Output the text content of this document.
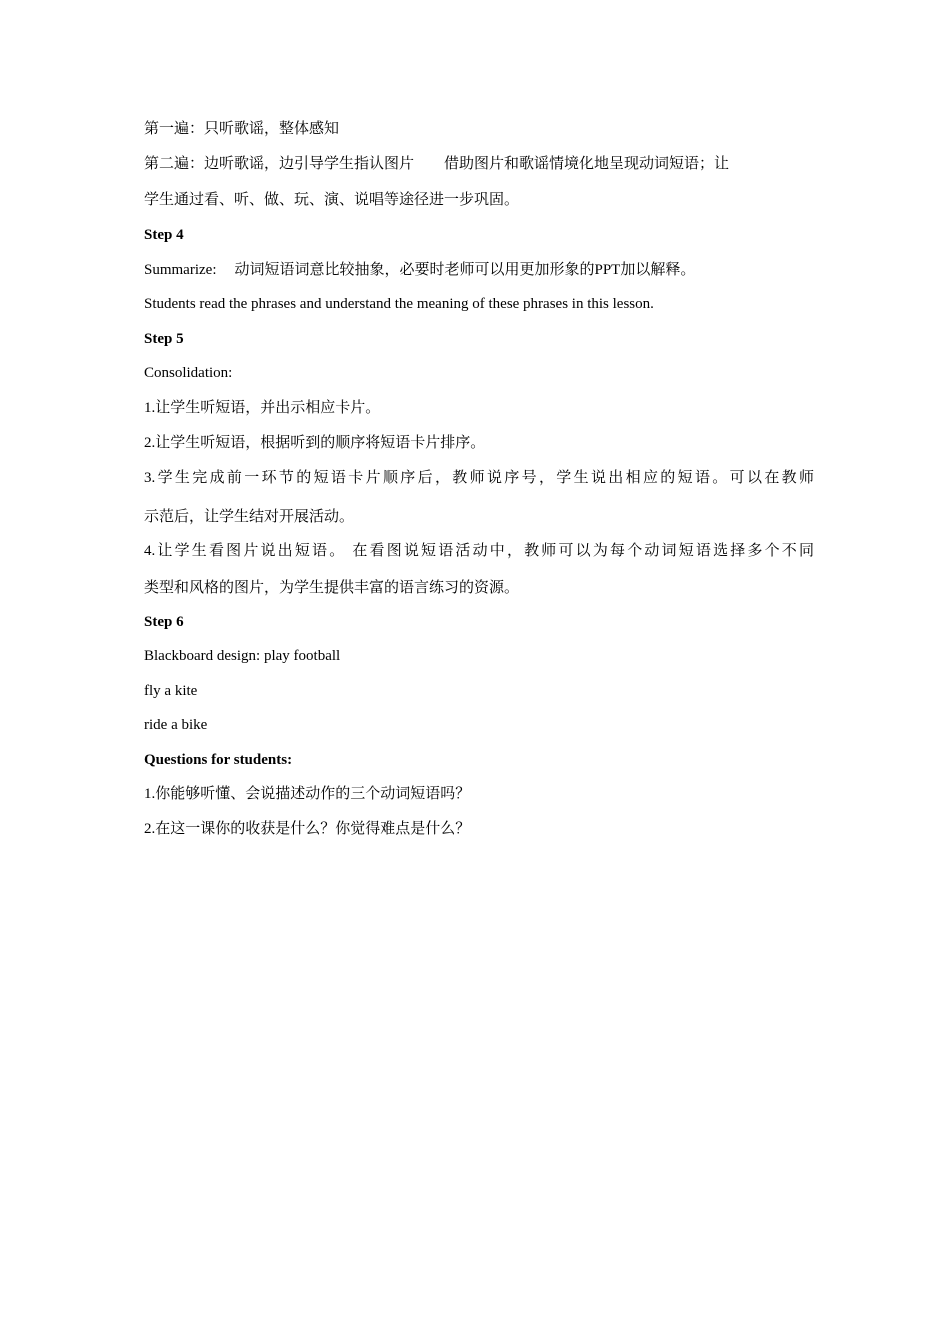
第一遍：只听歌谣，整体感知
第二遍：边听歌谣，边引导学生指认图片 借助图片和歌谣情境化地呈现动词短语；让
学生通过看、听、做、玩、演、说唱等途径进一步巩固。
Step 4
Summarize: 动词短语词意比较抽象，必要时老师可以用更加形象的PPT加以解释。
Students read the phrases and understand the meaning of these phrases in this lesson.
Step 5
Consolidation:
1.让学生听短语，并出示相应卡片。
2.让学生听短语，根据听到的顺序将短语卡片排序。
3.学生完成前一环节的短语卡片顺序后，教师说序号，学生说出相应的短语。可以在教师
示范后，让学生结对开展活动。
4.让学生看图片说出短语。 在看图说短语活动中，教师可以为每个动词短语选择多个不同
类型和风格的图片，为学生提供丰富的语言练习的资源。
Step 6
Blackboard design: play football
fly a kite
ride a bike
Questions for students:
1.你能够听懂、会说描述动作的三个动词短语吗？
2.在这一课你的收获是什么？你觉得难点是什么？
